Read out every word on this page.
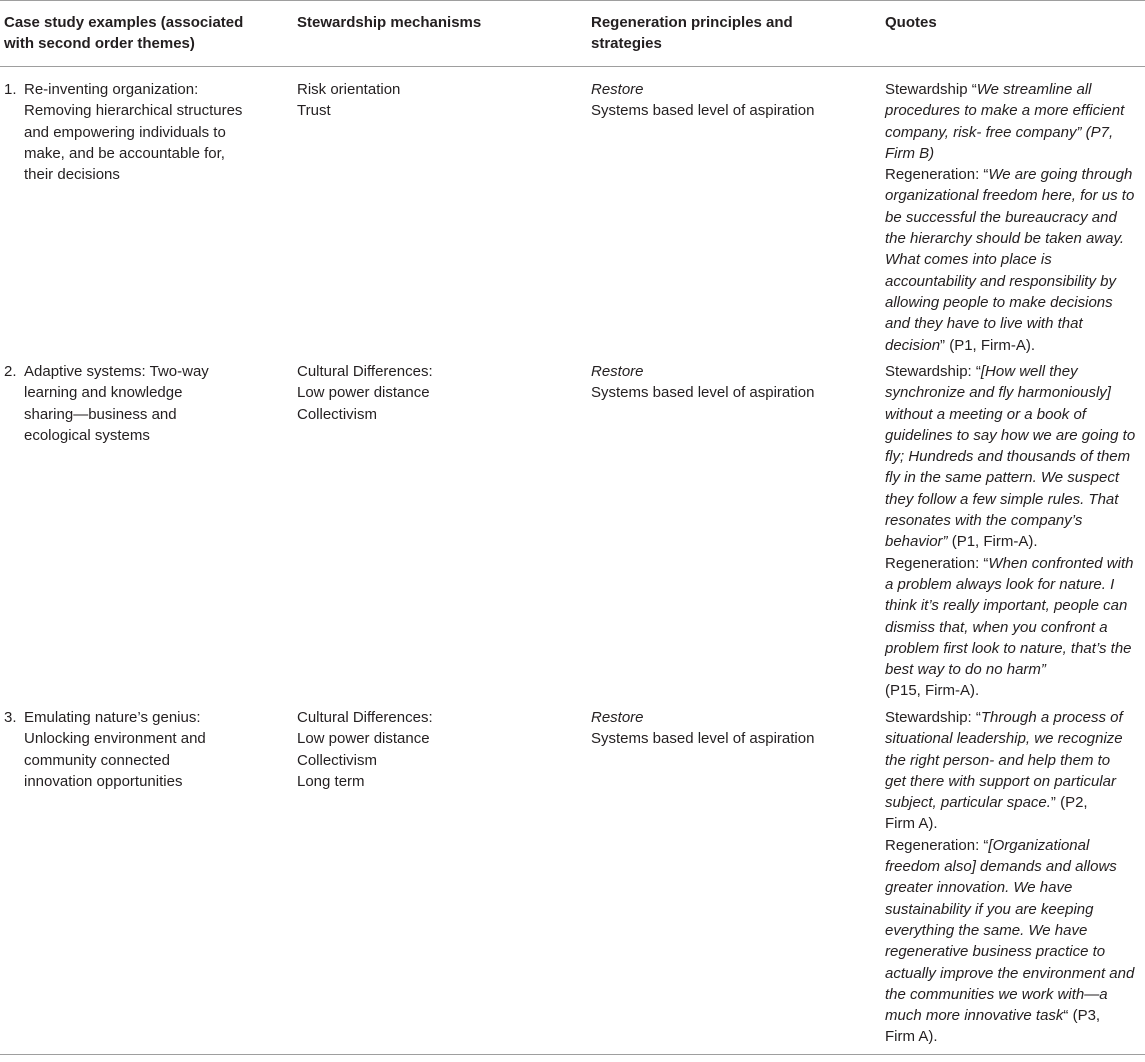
Case study examples (associated
with second order themes)
Stewardship mechanisms	Regeneration principles and
strategies
Quotes
1. Re-inventing organization:
Removing hierarchical structures
and empowering individuals to
make, and be accountable for,
their decisions
Risk orientation
Trust
Restore
Systems based level of aspiration
Stewardship “We streamline all
procedures to make a more efficient
company, risk- free company” (P7,
Firm B)
Regeneration: “We are going through
organizational freedom here, for us to
be successful the bureaucracy and
the hierarchy should be taken away.
What comes into place is
accountability and responsibility by
allowing people to make decisions
and they have to live with that
decision” (P1, Firm-A).
2. Adaptive systems: Two-way
learning and knowledge
sharing—business and
ecological systems
Cultural Differences:
Low power distance
Collectivism
Restore
Systems based level of aspiration
Stewardship: “[How well they
synchronize and fly harmoniously]
without a meeting or a book of
guidelines to say how we are going to
fly; Hundreds and thousands of them
fly in the same pattern. We suspect
they follow a few simple rules. That
resonates with the company’s
behavior” (P1, Firm-A).
Regeneration: “When confronted with
a problem always look for nature. I
think it’s really important, people can
dismiss that, when you confront a
problem first look to nature, that’s the
best way to do no harm”
(P15, Firm-A).
3. Emulating nature’s genius:
Unlocking environment and
community connected
innovation opportunities
Cultural Differences:
Low power distance
Collectivism
Long term
Restore
Systems based level of aspiration
Stewardship: “Through a process of
situational leadership, we recognize
the right person- and help them to
get there with support on particular
subject, particular space.” (P2,
Firm A).
Regeneration: “[Organizational
freedom also] demands and allows
greater innovation. We have
sustainability if you are keeping
everything the same. We have
regenerative business practice to
actually improve the environment and
the communities we work with—a
much more innovative task“ (P3,
Firm A).
